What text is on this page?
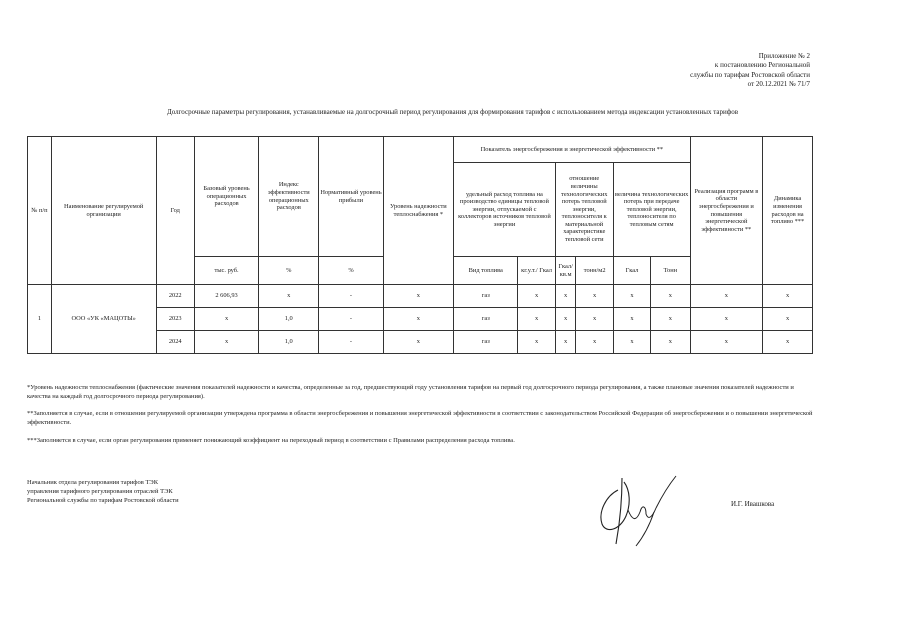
Приложение № 2
к постановлению Региональной
службы по тарифам Ростовской области
от 20.12.2021 № 71/7
Долгосрочные параметры регулирования, устанавливаемые на долгосрочный период регулирования для формирования тарифов с использованием метода индексации установленных тарифов
№ п/п	Наименование регулируемой организации	Год	Базовый уровень операционных расходов	Индекс эффективности операционных расходов	Нормативный уровень прибыли	Уровень надежности теплоснабжения *	Показатель энергосбережения и энергетической эффективности **						Реализация программ в области энергосбережения и повышения энергетической эффективности **	Динамика изменения расходов на топливо ***
							удельный расход топлива на производство единицы тепловой энергии, отпускаемой с коллекторов источников тепловой энергии		отношение величины технологических потерь тепловой энергии, теплоносителя к материальной характеристике тепловой сети		величина технологических потерь при передаче тепловой энергии, теплоносителя по тепловым сетям			
			тыс. руб.	%	%		Вид топлива	кг.у.т./ Гкал	Гкал/ кв.м	тонн/м2	Гкал	Тонн		
1	ООО «УК «МАЦОТЫ»	2022	2 606,93	x	-	x	газ	x	x	x	x	x	x	x
		2023	x	1,0	-	x	газ	x	x	x	x	x	x	x
		2024	x	1,0	-	x	газ	x	x	x	x	x	x	x
*Уровень надежности теплоснабжения (фактические значения показателей надежности и качества, определенные за год, предшествующий году установления тарифов на первый год долгосрочного периода регулирования, а также плановые значения показателей надежности и качества на каждый год долгосрочного периода регулирования).
**Заполняется в случае, если в отношении регулируемой организации утверждена программа в области энергосбережения и повышения энергетической эффективности в соответствии с законодательством Российской Федерации об энергосбережении и о повышении энергетической эффективности.
***Заполняется в случае, если орган регулирования применяет понижающий коэффициент на переходный период в соответствии с Правилами распределения расхода топлива.
Начальник отдела регулирования тарифов ТЭК
управления тарифного регулирования отраслей ТЭК
Региональной службы по тарифам Ростовской области	И.Г. Ивашкова
